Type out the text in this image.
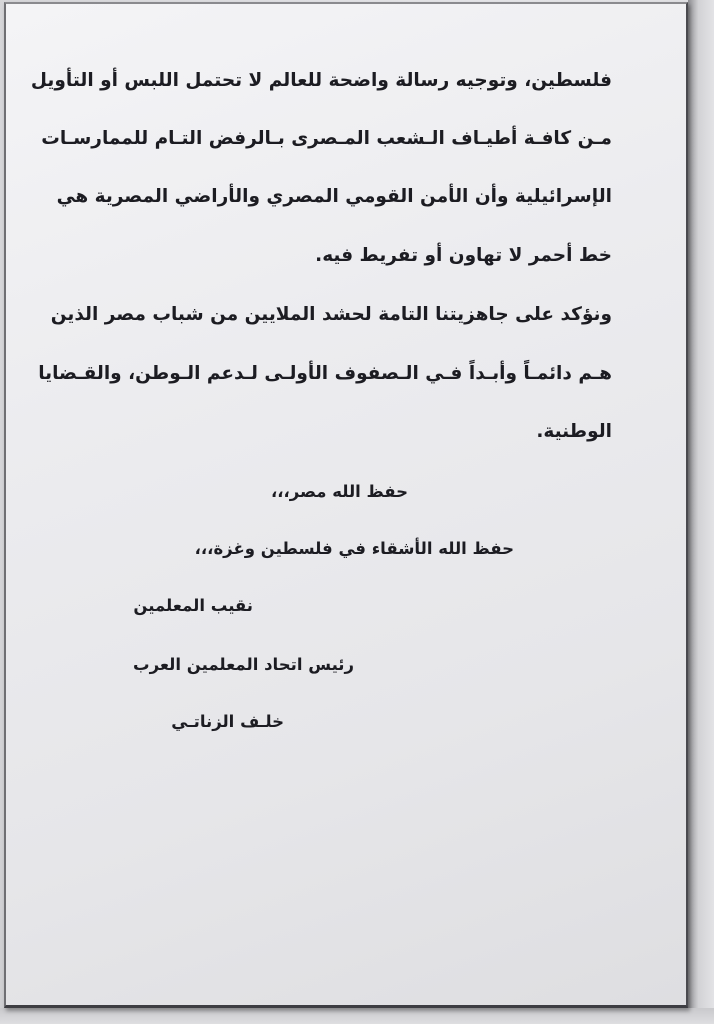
فلسطين، وتوجيه رسالة واضحة للعالم لا تحتمل اللبس أو التأويل
مـن كافـة أطيـاف الـشعب المـصرى بـالرفض التـام للممارسـات
الإسرائيلية وأن الأمن القومي المصري والأراضي المصرية هي
خط أحمر لا تهاون أو تفريط فيه.
ونؤكد على جاهزيتنا التامة لحشد الملايين من شباب مصر الذين
هـم دائمـاً وأبـداً فـي الـصفوف الأولـى لـدعم الـوطن، والقـضايا
الوطنية.
حفظ الله مصر،،،
حفظ الله الأشقاء في فلسطين وغزة،،،
نقيب المعلمين
رئيس اتحاد المعلمين العرب
خلـف الزناتـي
